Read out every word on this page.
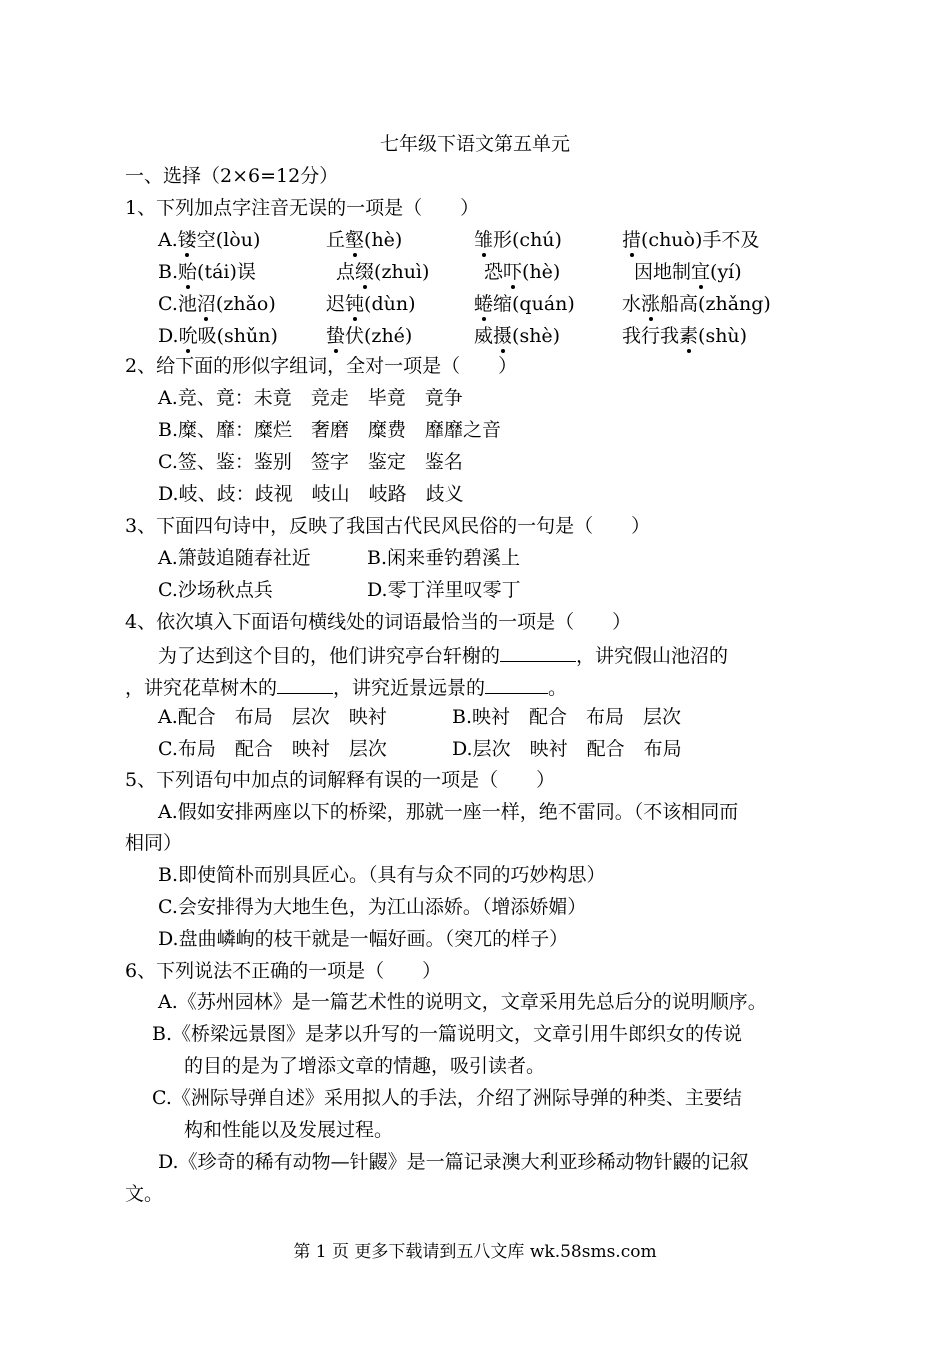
七年级下语文第五单元
一、选择（2×6=12分）
1、下列加点字注音无误的一项是（　　）
A.镂空(lòu)	丘壑(hè)	雏形(chú)	措(chuò)手不及
B.贻(tái)误	点缀(zhuì)	恐吓(hè)	因地制宜(yí)
C.池沼(zhǎo)	迟钝(dùn)	蜷缩(quán) 水涨船高(zhǎng)
D.吮吸(shǔn)	蛰伏(zhé)	威摄(shè)	我行我素(shù)
2、给下面的形似字组词，全对一项是（　　）
A.竞、竟：未竟　竞走　毕竟　竟争
B.糜、靡：糜烂　奢磨　糜费　靡靡之音
C.签、鉴：鉴别　签字　鉴定　鉴名
D.岐、歧：歧视　岐山　岐路　歧义
3、下面四句诗中，反映了我国古代民风民俗的一句是（　　）
A.箫鼓追随春社近	B.闲来垂钓碧溪上
C.沙场秋点兵	D.零丁洋里叹零丁
4、依次填入下面语句横线处的词语最恰当的一项是（　　）
为了达到这个目的，他们讲究亭台轩榭的	，讲究假山池沼的
，讲究花草树木的	，讲究近景远景的	。
A.配合　布局　层次　映衬	B.映衬　配合　布局　层次
C.布局　配合　映衬　层次	D.层次　映衬　配合　布局
5、下列语句中加点的词解释有误的一项是（　　）
A.假如安排两座以下的桥梁，那就一座一样，绝不雷同。（不该相同而
相同）
B.即使简朴而别具匠心。（具有与众不同的巧妙构思）
C.会安排得为大地生色，为江山添娇。（增添娇媚）
D.盘曲嶙峋的枝干就是一幅好画。（突兀的样子）
6、下列说法不正确的一项是（　　）
A.《苏州园林》是一篇艺术性的说明文，文章采用先总后分的说明顺序。
B.《桥梁远景图》是茅以升写的一篇说明文，文章引用牛郎织女的传说
的目的是为了增添文章的情趣，吸引读者。
C.《洲际导弹自述》采用拟人的手法，介绍了洲际导弹的种类、主要结
构和性能以及发展过程。
D.《珍奇的稀有动物—针鼹》是一篇记录澳大利亚珍稀动物针鼹的记叙
文。
第 1 页 更多下载请到五八文库 wk.58sms.com
